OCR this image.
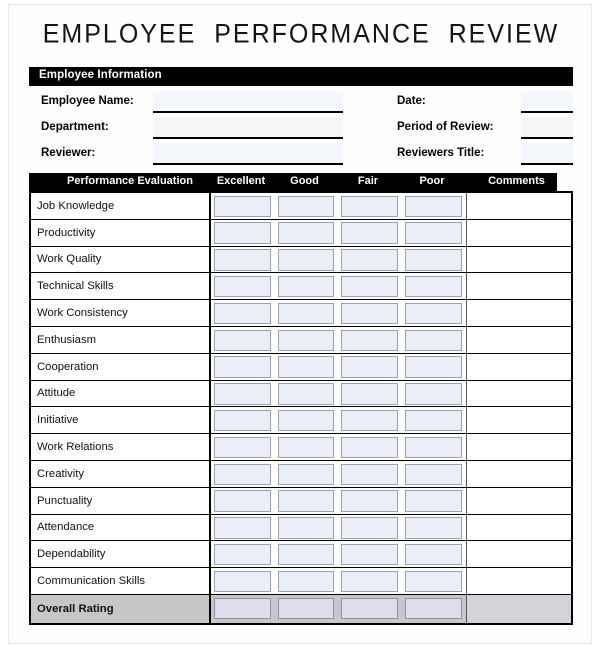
EMPLOYEE PERFORMANCE REVIEW
Employee Information
Employee Name:	Date:
Department:	Period of Review:
Reviewer:	Reviewers Title:
Performance Evaluation	Excellent	Good	Fair	Poor	Comments
Job Knowledge
Productivity
Work Quality
Technical Skills
Work Consistency
Enthusiasm
Cooperation
Attitude
Initiative
Work Relations
Creativity
Punctuality
Attendance
Dependability
Communication Skills
Overall Rating
